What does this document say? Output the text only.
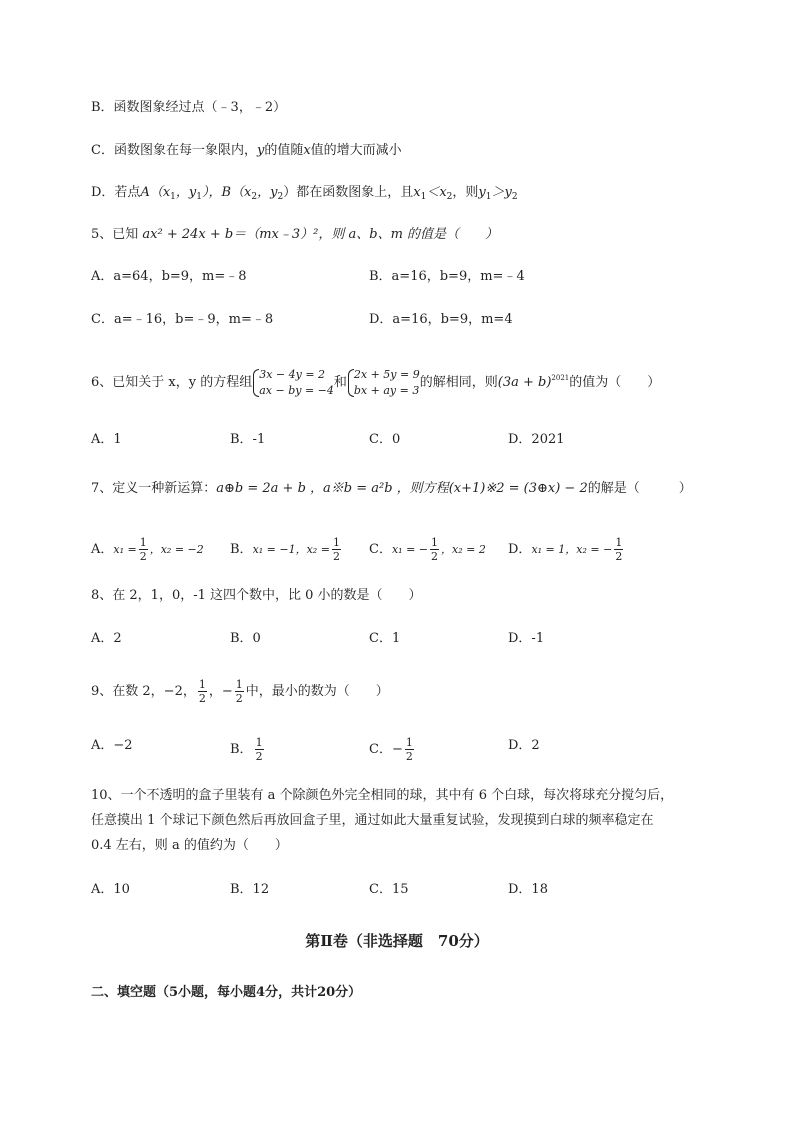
B．函数图象经过点（﹣3，﹣2）
C．函数图象在每一象限内，y的值随x值的增大而减小
D．若点$A(x_1$，$y_1$），$B(x_2$，$y_2$）都在函数图象上，且$x_1<x_2$，则$y_1>y_2$
5、已知 ax² + 24x + b＝（mx﹣3）²，则 a、b、m 的值是（　　）
A．a=64，b=9，m=﹣8	B．a=16，b=9，m=﹣4
C．a=﹣16，b=﹣9，m=﹣8	D．a=16，b=9，m=4
6、已知关于 x，y 的方程组
3x − 4y = 2
ax − by = −4 和
2x + 5y = 9
bx + ay = 3 的解相同，则$(3a + b)^{2021}$的值为（　　）
A．1	B．-1	C．0	D．2021
7、定义一种新运算：a⊕b = 2a + b ，a※b = a²b ，则方程(x+1)※2 = (3⊕x) − 2的解是（　　　）
A．$x_1 = \frac{1}{2}$ ，x₂ = −2 B．x₁ = −1，$x_2 = \frac{1}{2}$ C．x₁ = − $\frac{1}{2}$ ，x₂ = 2 D．x₁ = 1，x₂ = − $\frac{1}{2}$
8、在 2，1，0，-1 这四个数中，比 0 小的数是（　　）
A．2	B．0	C．1	D．-1
9、在数 2，−2， $\frac{1}{2}$ ，− $\frac{1}{2}$ 中，最小的数为（　　）
A．−2	B． $\frac{1}{2}$	C．− $\frac{1}{2}$	D．2
10、一个不透明的盒子里装有 a 个除颜色外完全相同的球，其中有 6 个白球，每次将球充分搅匀后，
任意摸出 1 个球记下颜色然后再放回盒子里，通过如此大量重复试验，发现摸到白球的频率稳定在
0.4 左右，则 a 的值约为（　　）
A．10	B．12	C．15	D．18
第Ⅱ卷（非选择题　70分）
二、填空题（5小题，每小题4分，共计20分）
